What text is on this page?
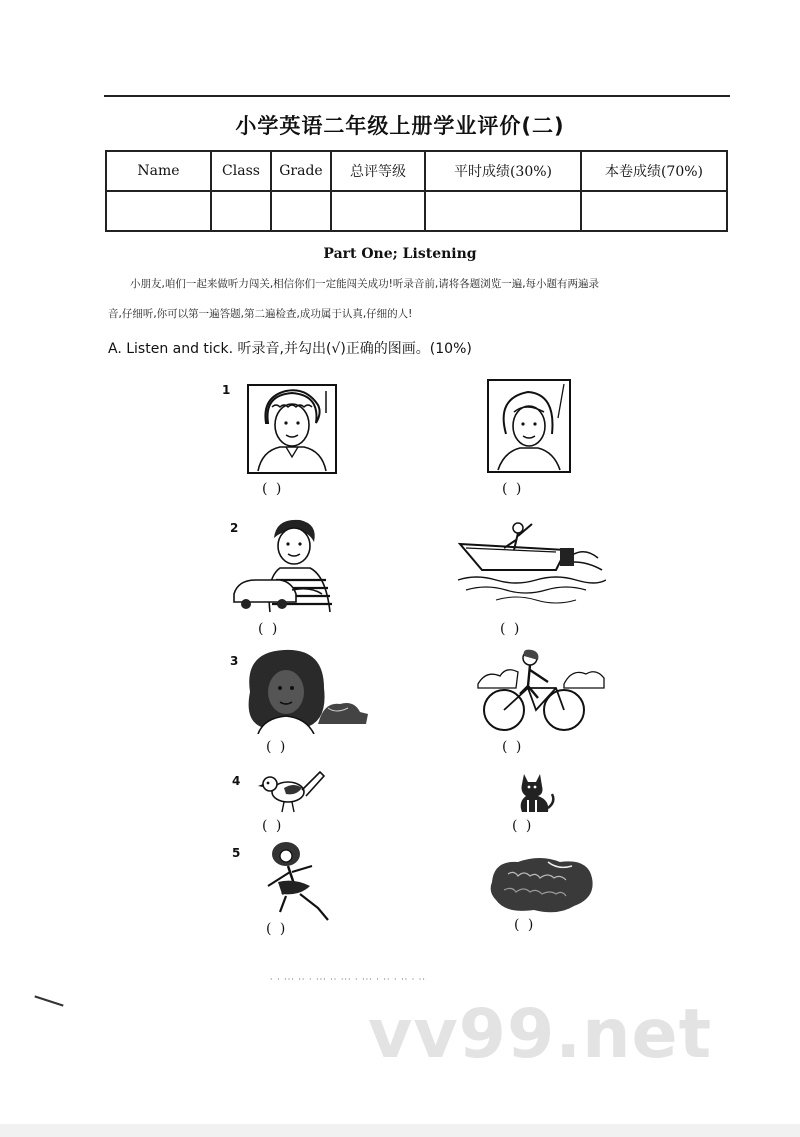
小学英语二年级上册学业评价(二)
Name	Class	Grade	总评等级	平时成绩(30%)	本卷成绩(70%)

Part One; Listening
小朋友,咱们一起来做听力闯关,相信你们一定能闯关成功!听录音前,请将各题浏览一遍,每小题有两遍录
音,仔细听,你可以第一遍答题,第二遍检查,成功属于认真,仔细的人!
A. Listen and tick. 听录音,并勾出(√)正确的图画。(10%)
1
( )	( )
2
( )	( )
3
( )	( )
4
( )	( )
5
( )	( )
· · ··· ·· · ··· ·· ··· · ··· · ·· · ·· · ··
vv99.net
